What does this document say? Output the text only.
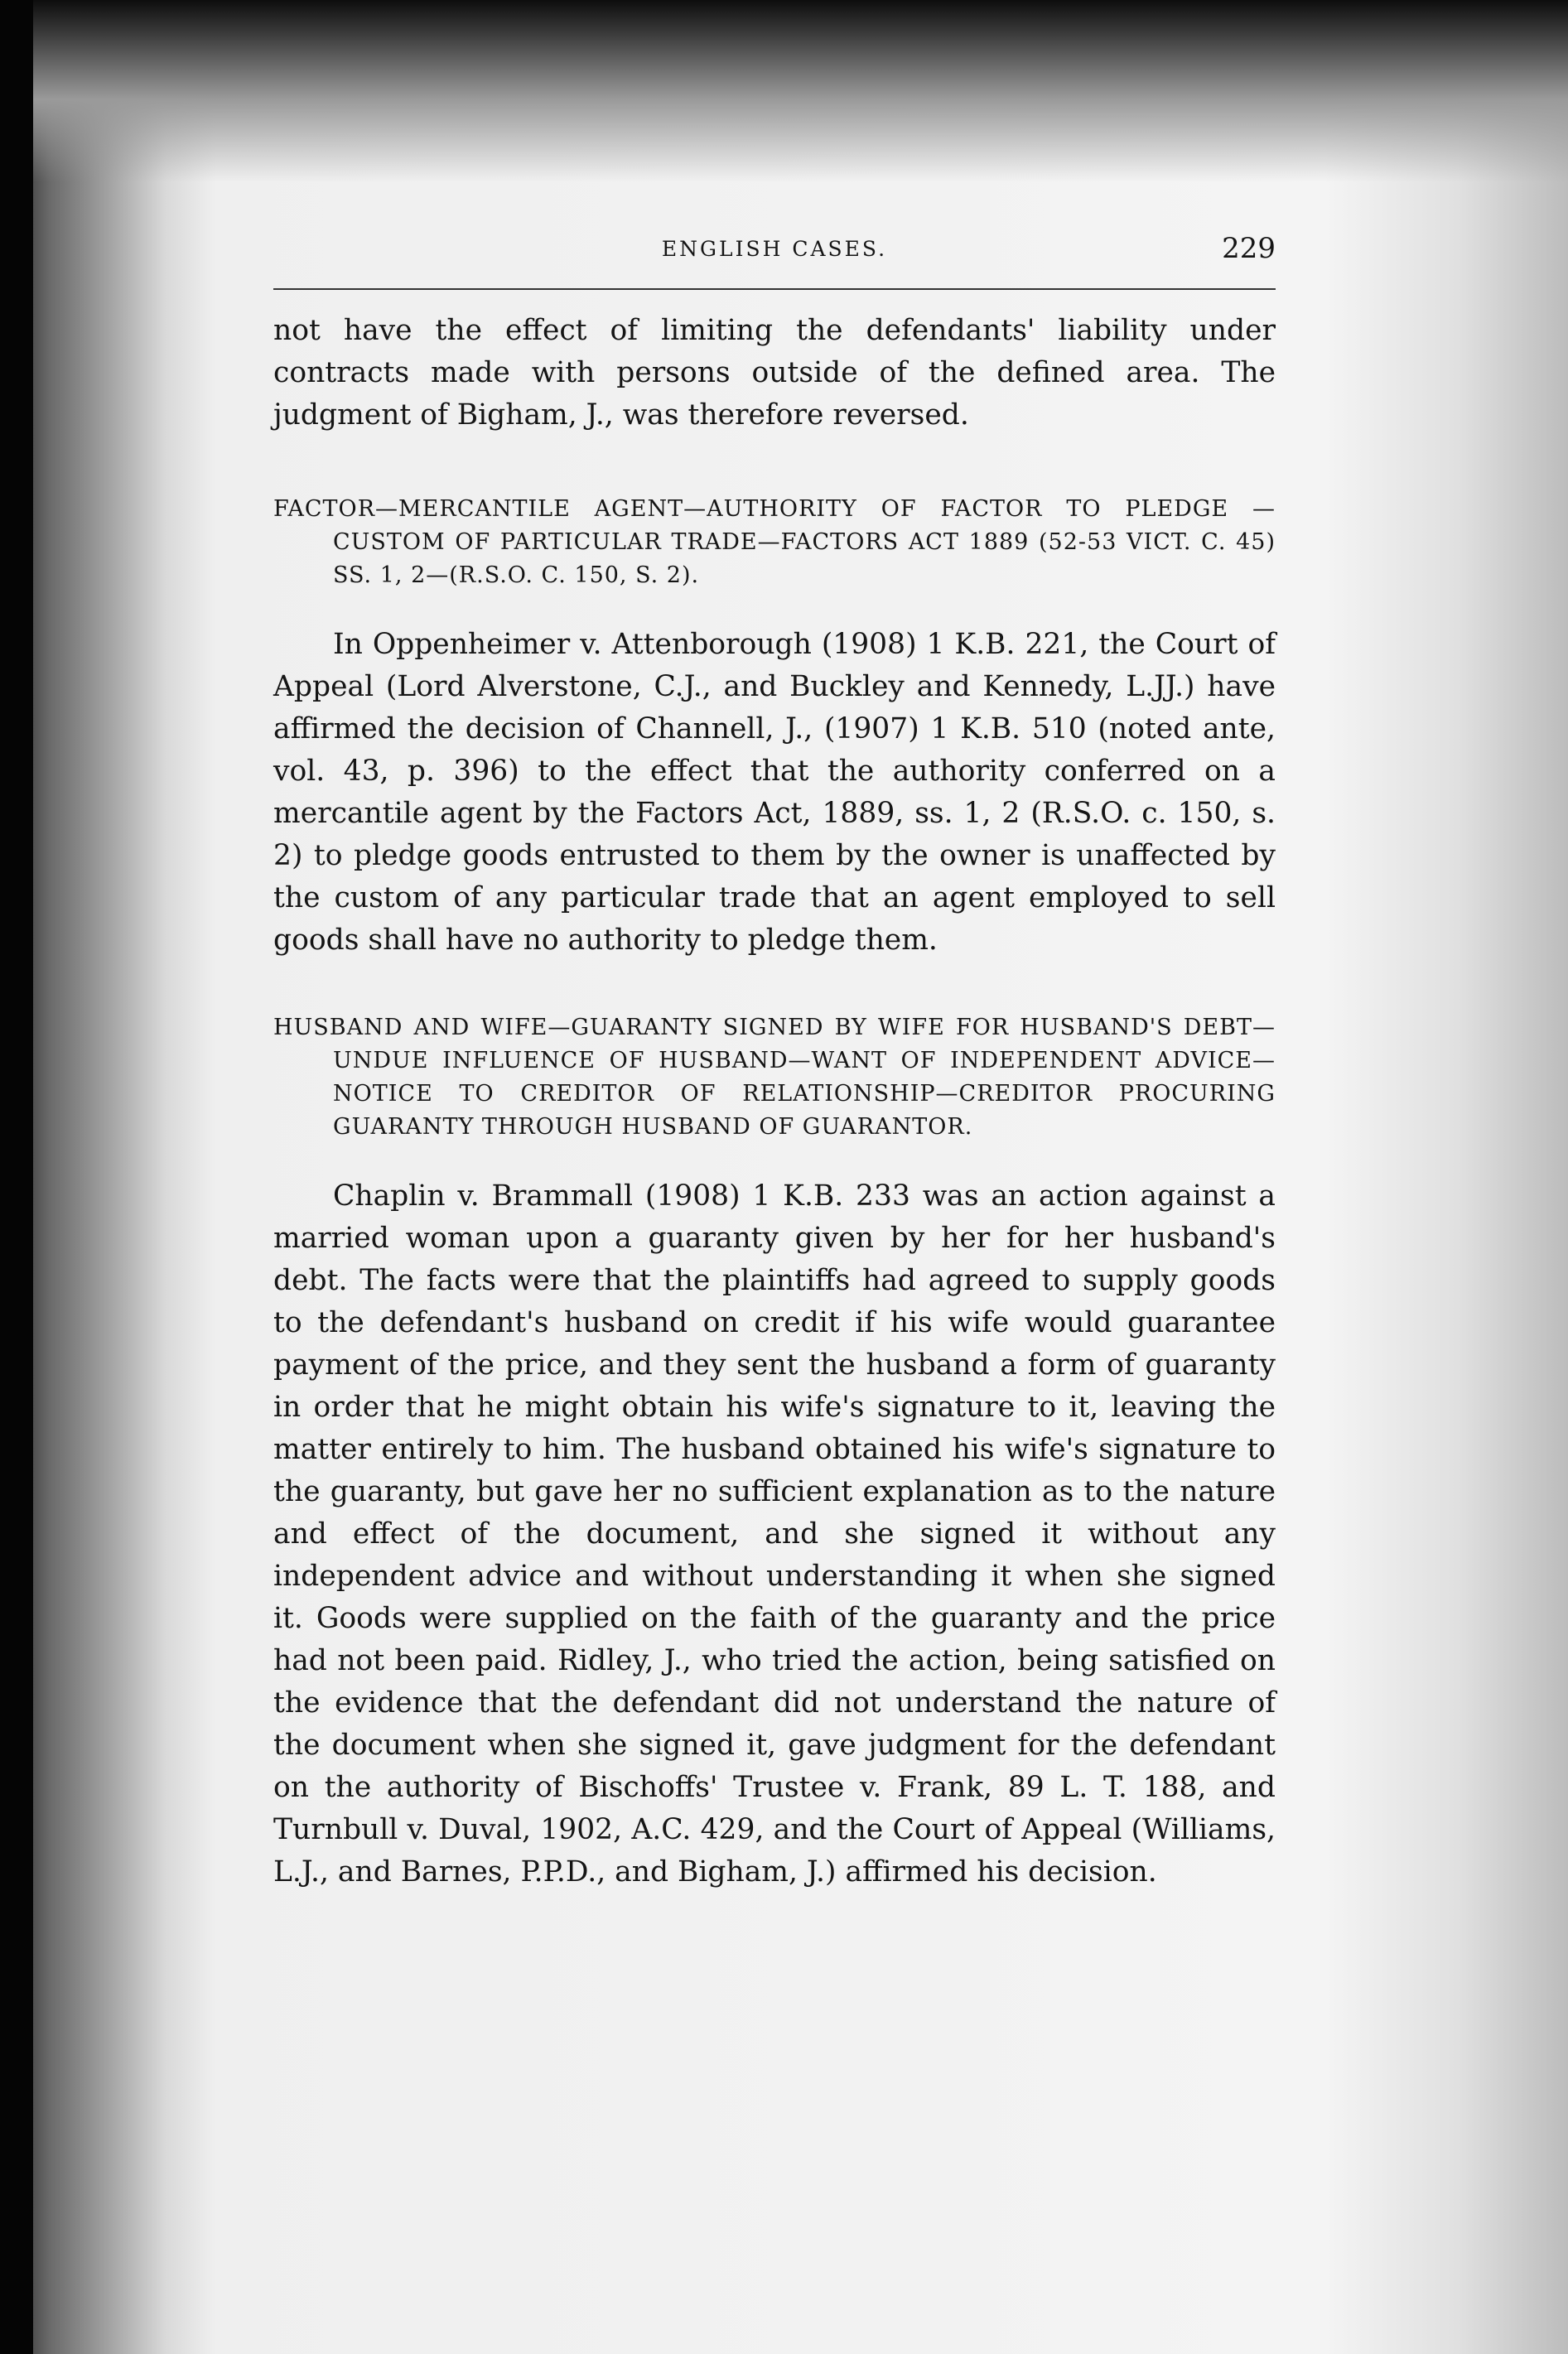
ENGLISH CASES.	229

not have the effect of limiting the defendants' liability under contracts made with persons outside of the defined area. The judgment of Bigham, J., was therefore reversed.

FACTOR—MERCANTILE AGENT—AUTHORITY OF FACTOR TO PLEDGE —CUSTOM OF PARTICULAR TRADE—FACTORS ACT 1889 (52-53 VICT. C. 45) SS. 1, 2—(R.S.O. C. 150, S. 2).

In Oppenheimer v. Attenborough (1908) 1 K.B. 221, the Court of Appeal (Lord Alverstone, C.J., and Buckley and Kennedy, L.JJ.) have affirmed the decision of Channell, J., (1907) 1 K.B. 510 (noted ante, vol. 43, p. 396) to the effect that the authority conferred on a mercantile agent by the Factors Act, 1889, ss. 1, 2 (R.S.O. c. 150, s. 2) to pledge goods entrusted to them by the owner is unaffected by the custom of any particular trade that an agent employed to sell goods shall have no authority to pledge them.

HUSBAND AND WIFE—GUARANTY SIGNED BY WIFE FOR HUSBAND'S DEBT—UNDUE INFLUENCE OF HUSBAND—WANT OF INDEPENDENT ADVICE—NOTICE TO CREDITOR OF RELATIONSHIP—CREDITOR PROCURING GUARANTY THROUGH HUSBAND OF GUARANTOR.

Chaplin v. Brammall (1908) 1 K.B. 233 was an action against a married woman upon a guaranty given by her for her husband's debt. The facts were that the plaintiffs had agreed to supply goods to the defendant's husband on credit if his wife would guarantee payment of the price, and they sent the husband a form of guaranty in order that he might obtain his wife's signature to it, leaving the matter entirely to him. The husband obtained his wife's signature to the guaranty, but gave her no sufficient explanation as to the nature and effect of the document, and she signed it without any independent advice and without understanding it when she signed it. Goods were supplied on the faith of the guaranty and the price had not been paid. Ridley, J., who tried the action, being satisfied on the evidence that the defendant did not understand the nature of the document when she signed it, gave judgment for the defendant on the authority of Bischoffs' Trustee v. Frank, 89 L. T. 188, and Turnbull v. Duval, 1902, A.C. 429, and the Court of Appeal (Williams, L.J., and Barnes, P.P.D., and Bigham, J.) affirmed his decision.
